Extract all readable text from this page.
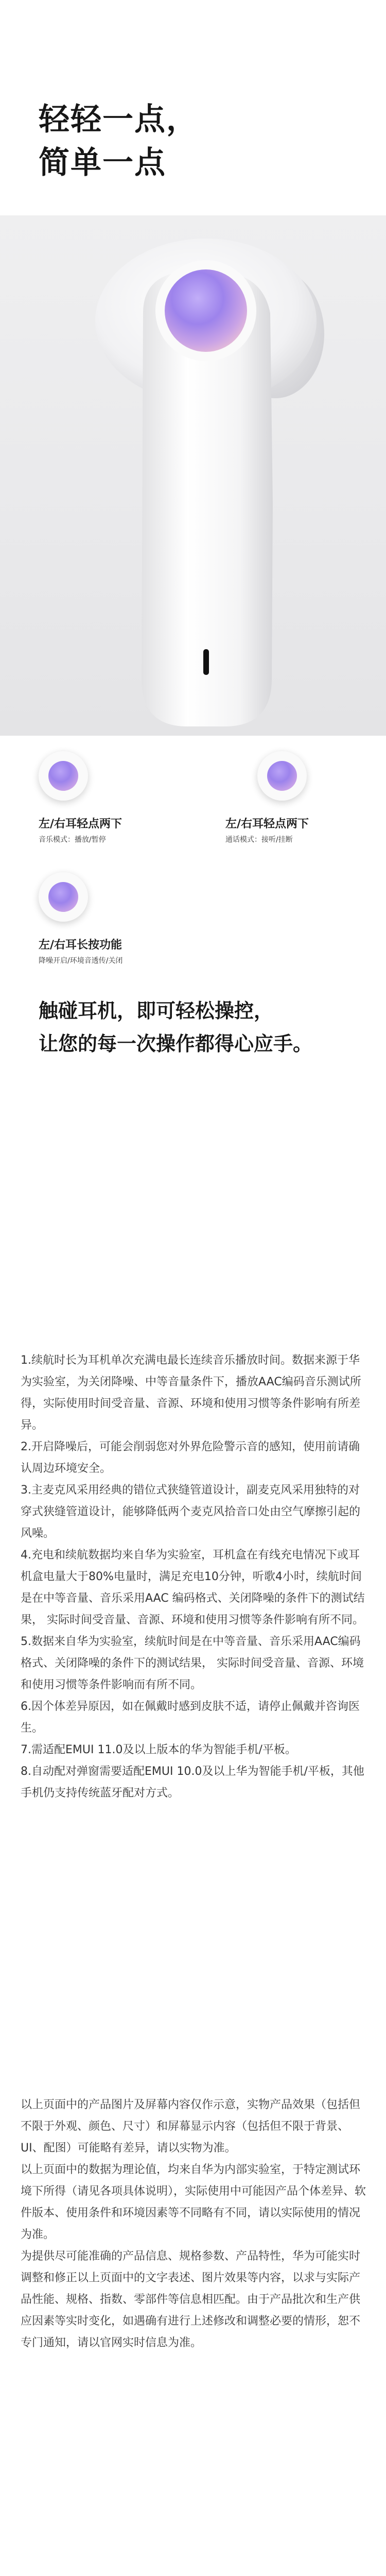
轻轻一点，
简单一点
左/右耳轻点两下
音乐模式：播放/暂停
左/右耳轻点两下
通话模式：接听/挂断
左/右耳长按功能
降噪开启/环境音透传/关闭
触碰耳机，即可轻松操控，
让您的每一次操作都得心应手。

1.续航时长为耳机单次充满电最长连续音乐播放时间。数据来源于华为实验室，为关闭降噪、中等音量条件下，播放AAC编码音乐测试所得，实际使用时间受音量、音源、环境和使用习惯等条件影响有所差异。

2.开启降噪后，可能会削弱您对外界危险警示音的感知，使用前请确认周边环境安全。

3.主麦克风采用经典的错位式狭缝管道设计，副麦克风采用独特的对穿式狭缝管道设计，能够降低两个麦克风拾音口处由空气摩擦引起的风噪。

4.充电和续航数据均来自华为实验室，耳机盒在有线充电情况下或耳机盒电量大于80%电量时，满足充电10分钟，听歌4小时，续航时间是在中等音量、音乐采用AAC 编码格式、关闭降噪的条件下的测试结果， 实际时间受音量、音源、环境和使用习惯等条件影响有所不同。

5.数据来自华为实验室，续航时间是在中等音量、音乐采用AAC编码格式、关闭降噪的条件下的测试结果， 实际时间受音量、音源、环境和使用习惯等条件影响而有所不同。

6.因个体差异原因，如在佩戴时感到皮肤不适，请停止佩戴并咨询医生。

7.需适配EMUI 11.0及以上版本的华为智能手机/平板。

8.自动配对弹窗需要适配EMUI 10.0及以上华为智能手机/平板，其他手机仍支持传统蓝牙配对方式。

以上页面中的产品图片及屏幕内容仅作示意，实物产品效果（包括但不限于外观、颜色、尺寸）和屏幕显示内容（包括但不限于背景、UI、配图）可能略有差异，请以实物为准。

以上页面中的数据为理论值，均来自华为内部实验室，于特定测试环境下所得（请见各项具体说明），实际使用中可能因产品个体差异、软件版本、使用条件和环境因素等不同略有不同，请以实际使用的情况为准。

为提供尽可能准确的产品信息、规格参数、产品特性，华为可能实时调整和修正以上页面中的文字表述、图片效果等内容，以求与实际产品性能、规格、指数、零部件等信息相匹配。由于产品批次和生产供应因素等实时变化，如遇确有进行上述修改和调整必要的情形，恕不专门通知，请以官网实时信息为准。
